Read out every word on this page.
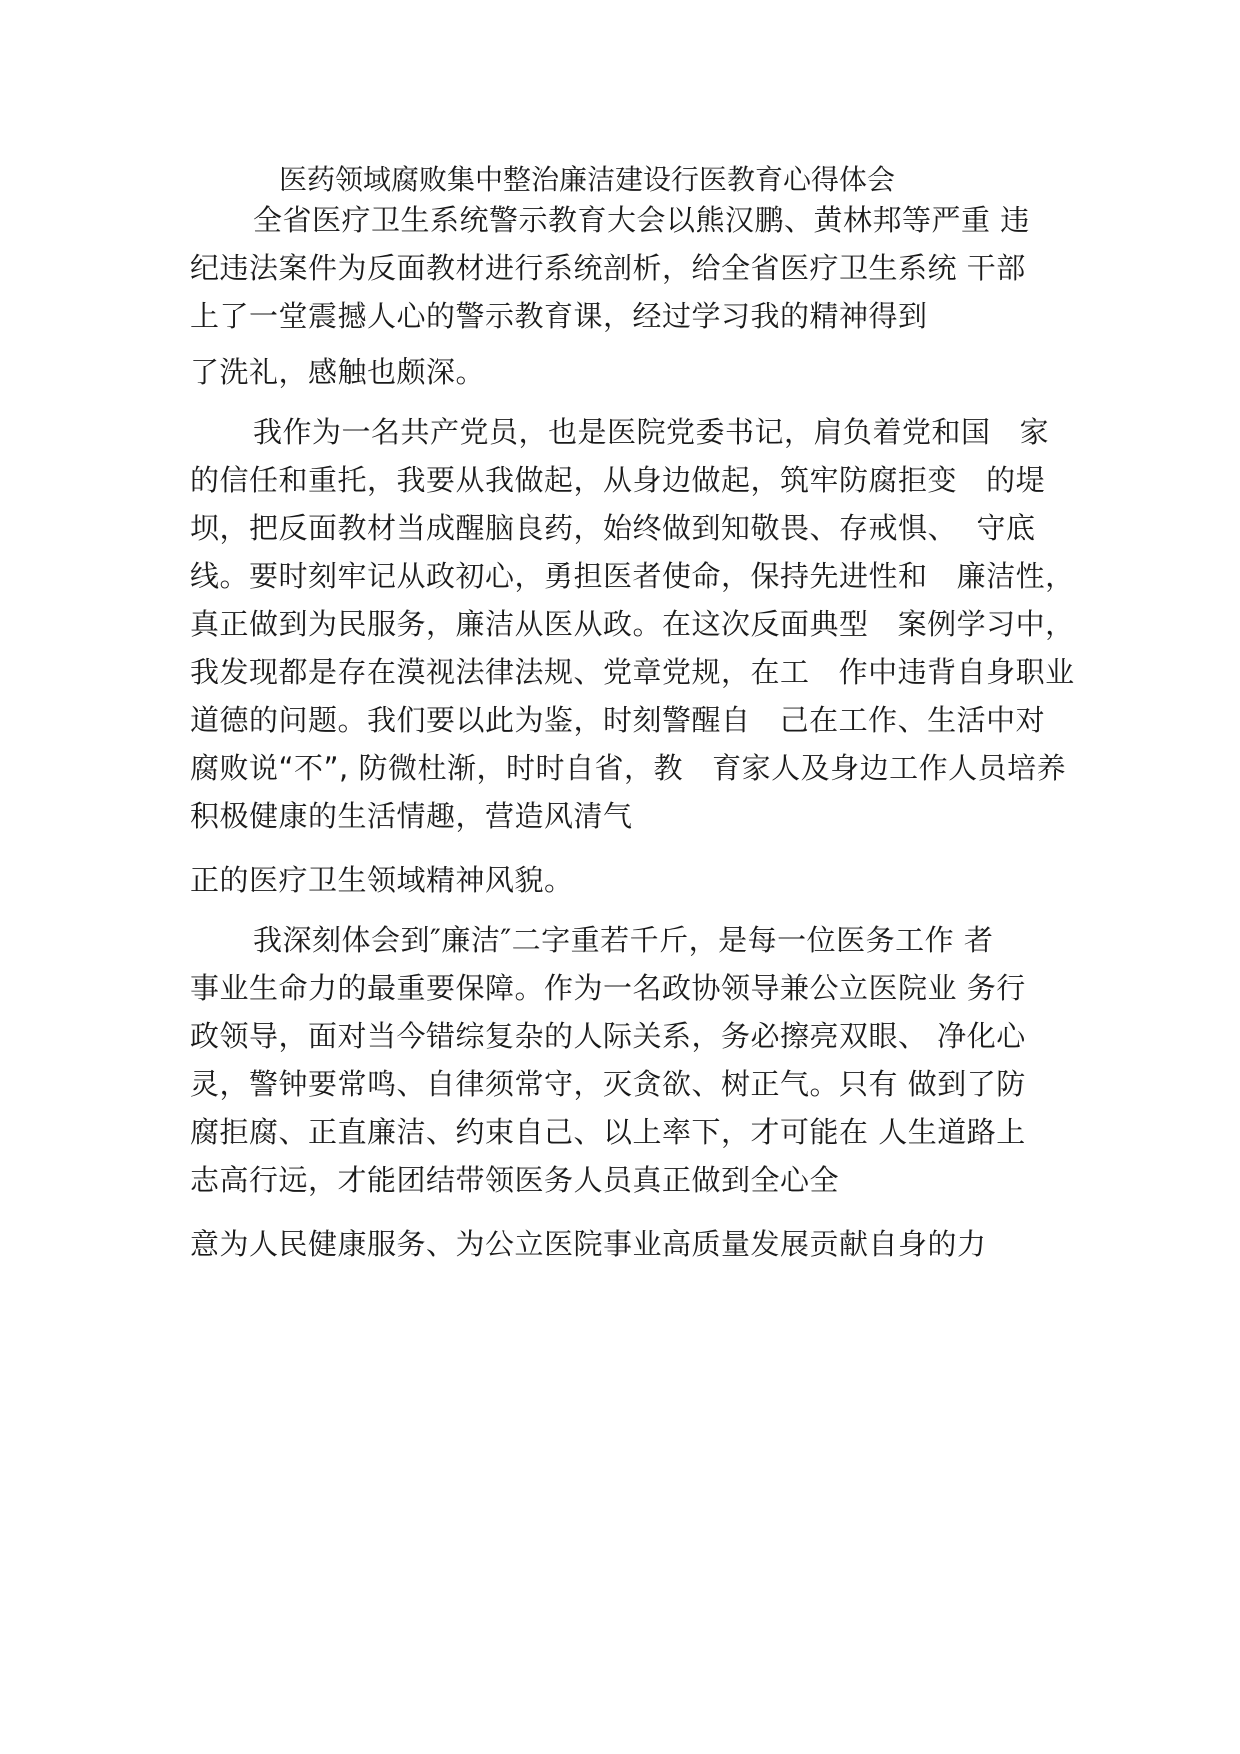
医药领域腐败集中整治廉洁建设行医教育心得体会
全省医疗卫生系统警示教育大会以熊汉鹏、黄林邦等严重 违
纪违法案件为反面教材进行系统剖析，给全省医疗卫生系统 干部
上了一堂震撼人心的警示教育课，经过学习我的精神得到
了洗礼，感触也颇深。
我作为一名共产党员，也是医院党委书记，肩负着党和国   家
的信任和重托，我要从我做起，从身边做起，筑牢防腐拒变   的堤
坝，把反面教材当成醒脑良药，始终做到知敬畏、存戒惧、  守底
线。要时刻牢记从政初心，勇担医者使命，保持先进性和   廉洁性，
真正做到为民服务，廉洁从医从政。在这次反面典型   案例学习中，
我发现都是存在漠视法律法规、党章党规，在工   作中违背自身职业
道德的问题。我们要以此为鉴，时刻警醒自   己在工作、生活中对
腐败说“不”, 防微杜渐，时时自省，教   育家人及身边工作人员培养
积极健康的生活情趣，营造风清气
正的医疗卫生领域精神风貌。
我深刻体会到″廉洁″二字重若千斤，是每一位医务工作 者
事业生命力的最重要保障。作为一名政协领导兼公立医院业 务行
政领导，面对当今错综复杂的人际关系，务必擦亮双眼、 净化心
灵，警钟要常鸣、自律须常守，灭贪欲、树正气。只有 做到了防
腐拒腐、正直廉洁、约束自己、以上率下，才可能在 人生道路上
志高行远，才能团结带领医务人员真正做到全心全
意为人民健康服务、为公立医院事业高质量发展贡献自身的力
